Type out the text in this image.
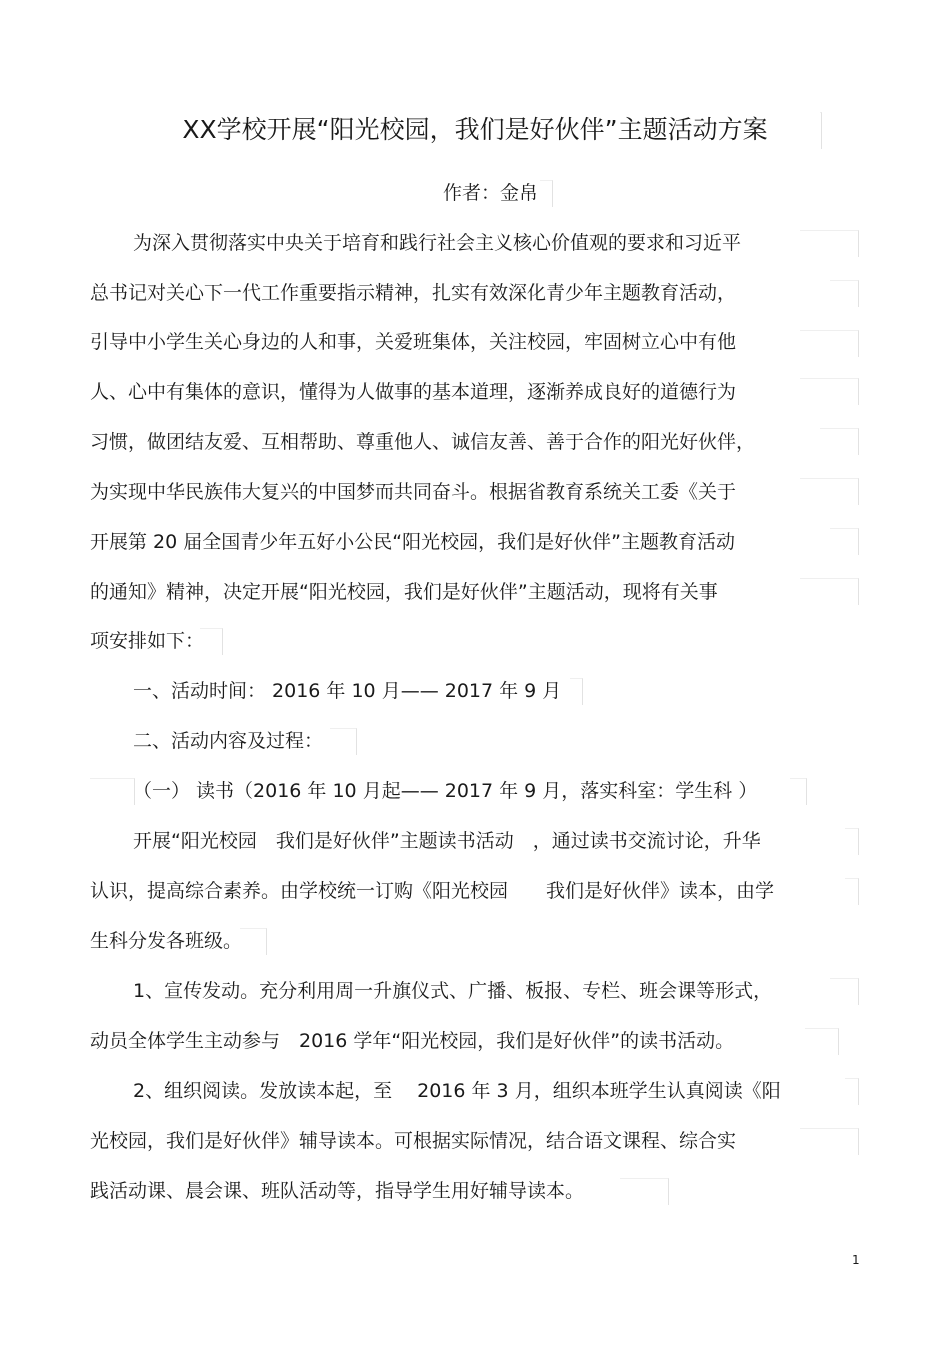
XX学校开展“阳光校园，我们是好伙伴”主题活动方案
作者：金帛
为深入贯彻落实中央关于培育和践行社会主义核心价值观的要求和习近平
总书记对关心下一代工作重要指示精神，扎实有效深化青少年主题教育活动，
引导中小学生关心身边的人和事，关爱班集体，关注校园，牢固树立心中有他
人、心中有集体的意识，懂得为人做事的基本道理，逐渐养成良好的道德行为
习惯，做团结友爱、互相帮助、尊重他人、诚信友善、善于合作的阳光好伙伴，
为实现中华民族伟大复兴的中国梦而共同奋斗。根据省教育系统关工委《关于
开展第 20 届全国青少年五好小公民“阳光校园，我们是好伙伴”主题教育活动
的通知》精神，决定开展“阳光校园，我们是好伙伴”主题活动，现将有关事
项安排如下：
一、活动时间： 2016 年 10 月—— 2017 年 9 月
二、活动内容及过程：
（一） 读书（2016 年 10 月起—— 2017 年 9 月，落实科室：学生科 ）
开展“阳光校园　我们是好伙伴”主题读书活动　，通过读书交流讨论，升华
认识，提高综合素养。由学校统一订购《阳光校园　　我们是好伙伴》读本，由学
生科分发各班级。
1、宣传发动。充分利用周一升旗仪式、广播、板报、专栏、班会课等形式，
动员全体学生主动参与　2016 学年“阳光校园，我们是好伙伴”的读书活动。
2、组织阅读。发放读本起，至　 2016 年 3 月，组织本班学生认真阅读《阳
光校园，我们是好伙伴》辅导读本。可根据实际情况，结合语文课程、综合实
践活动课、晨会课、班队活动等，指导学生用好辅导读本。
1
